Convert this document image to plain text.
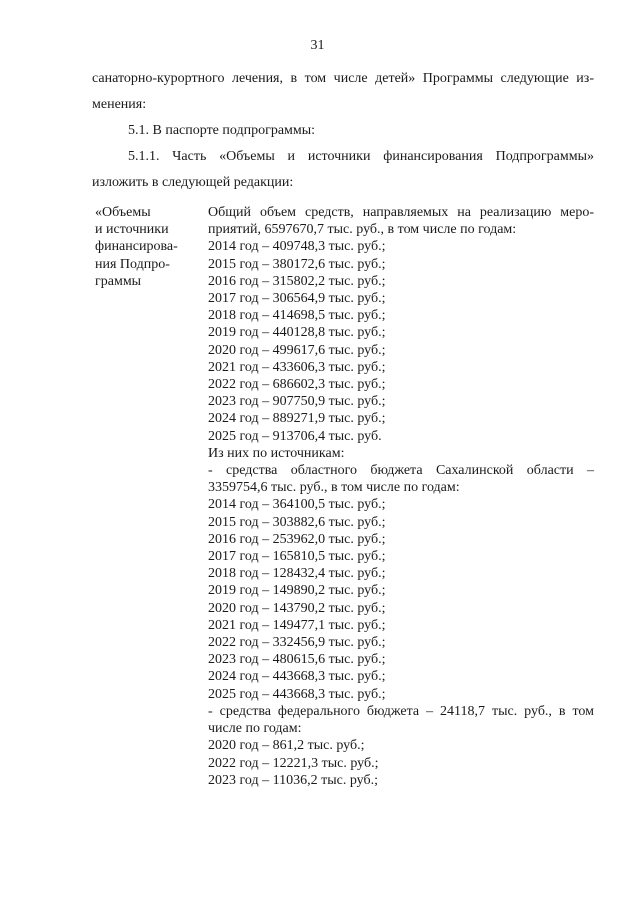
31

санаторно-курортного лечения, в том числе детей» Программы следующие из-

менения:

5.1. В паспорте подпрограммы:

5.1.1. Часть «Объемы и источники финансирования Подпрограммы»

изложить в следующей редакции:

«Объемы
и источники
финансирова-
ния Подпро-
граммы
Общий объем средств, направляемых на реализацию меро-
приятий, 6597670,7 тыс. руб., в том числе по годам:
2014 год – 409748,3 тыс. руб.;
2015 год – 380172,6 тыс. руб.;
2016 год – 315802,2 тыс. руб.;
2017 год – 306564,9 тыс. руб.;
2018 год – 414698,5 тыс. руб.;
2019 год – 440128,8 тыс. руб.;
2020 год – 499617,6 тыс. руб.;
2021 год – 433606,3 тыс. руб.;
2022 год – 686602,3 тыс. руб.;
2023 год – 907750,9 тыс. руб.;
2024 год – 889271,9 тыс. руб.;
2025 год – 913706,4 тыс. руб.
Из них по источникам:
- средства областного бюджета Сахалинской области –
3359754,6 тыс. руб., в том числе по годам:
2014 год – 364100,5 тыс. руб.;
2015 год – 303882,6 тыс. руб.;
2016 год – 253962,0 тыс. руб.;
2017 год – 165810,5 тыс. руб.;
2018 год – 128432,4 тыс. руб.;
2019 год – 149890,2 тыс. руб.;
2020 год – 143790,2 тыс. руб.;
2021 год – 149477,1 тыс. руб.;
2022 год – 332456,9 тыс. руб.;
2023 год – 480615,6 тыс. руб.;
2024 год – 443668,3 тыс. руб.;
2025 год – 443668,3 тыс. руб.;
- средства федерального бюджета – 24118,7 тыс. руб., в том
числе по годам:
2020 год – 861,2 тыс. руб.;
2022 год – 12221,3 тыс. руб.;
2023 год – 11036,2 тыс. руб.;
